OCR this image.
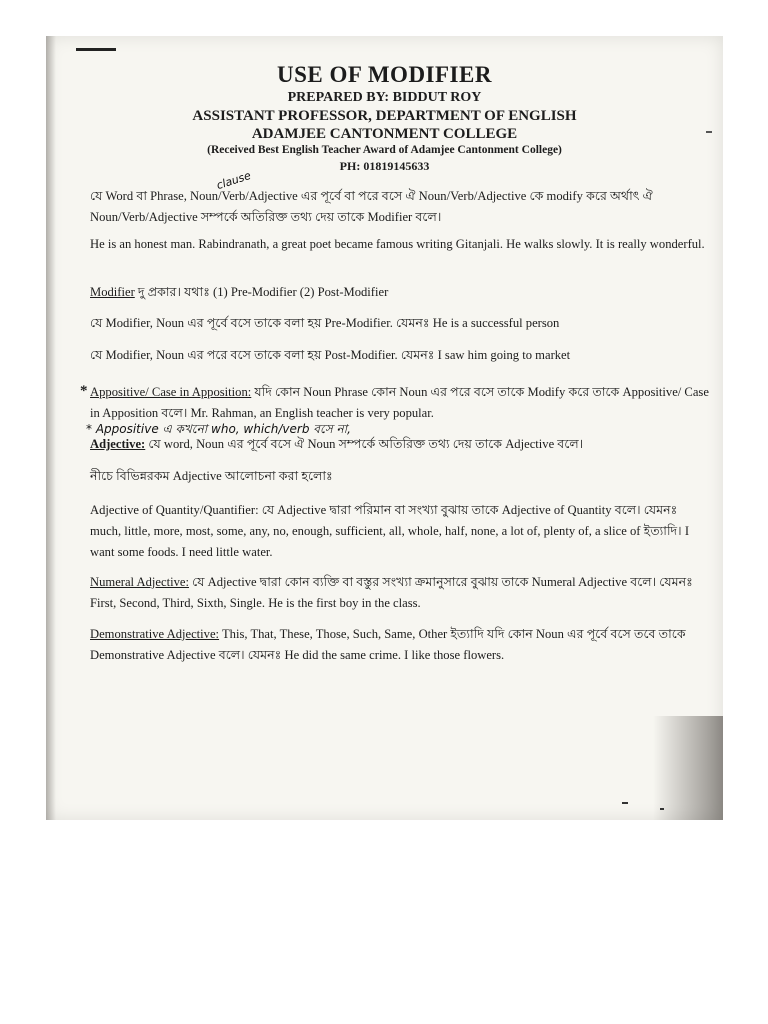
USE OF MODIFIER
PREPARED BY: BIDDUT ROY
ASSISTANT PROFESSOR, DEPARTMENT OF ENGLISH
ADAMJEE CANTONMENT COLLEGE
(Received Best English Teacher Award of Adamjee Cantonment College)
PH: 01819145633
clause

যে Word বা Phrase, Noun/Verb/Adjective এর পূর্বে বা পরে বসে ঐ Noun/Verb/Adjective কে modify করে অর্থাৎ ঐ Noun/Verb/Adjective সম্পর্কে অতিরিক্ত তথ্য দেয় তাকে Modifier বলে।

He is an honest man. Rabindranath, a great poet became famous writing Gitanjali. He walks slowly. It is really wonderful.
Modifier দু প্রকার। যথাঃ (1) Pre-Modifier (2) Post-Modifier
যে Modifier, Noun এর পূর্বে বসে তাকে বলা হয় Pre-Modifier. যেমনঃ He is a successful person
যে Modifier, Noun এর পরে বসে তাকে বলা হয় Post-Modifier. যেমনঃ I saw him going to market
* Appositive/ Case in Apposition: যদি কোন Noun Phrase কোন Noun এর পরে বসে তাকে Modify করে তাকে Appositive/ Case in Apposition বলে। Mr. Rahman, an English teacher is very popular.
* Appositive এ কখনো who, which/verb বসে না,
Adjective: যে word, Noun এর পূর্বে বসে ঐ Noun সম্পর্কে অতিরিক্ত তথ্য দেয় তাকে Adjective বলে।
নীচে বিভিন্নরকম Adjective আলোচনা করা হলোঃ
Adjective of Quantity/Quantifier: যে Adjective দ্বারা পরিমান বা সংখ্যা বুঝায় তাকে Adjective of Quantity বলে। যেমনঃ much, little, more, most, some, any, no, enough, sufficient, all, whole, half, none, a lot of, plenty of, a slice of ইত্যাদি। I want some foods. I need little water.
Numeral Adjective: যে Adjective দ্বারা কোন ব্যক্তি বা বস্তুর সংখ্যা ক্রমানুসারে বুঝায় তাকে Numeral Adjective বলে। যেমনঃ First, Second, Third, Sixth, Single. He is the first boy in the class.
Demonstrative Adjective: This, That, These, Those, Such, Same, Other ইত্যাদি যদি কোন Noun এর পূর্বে বসে তবে তাকে Demonstrative Adjective বলে। যেমনঃ He did the same crime. I like those flowers.
